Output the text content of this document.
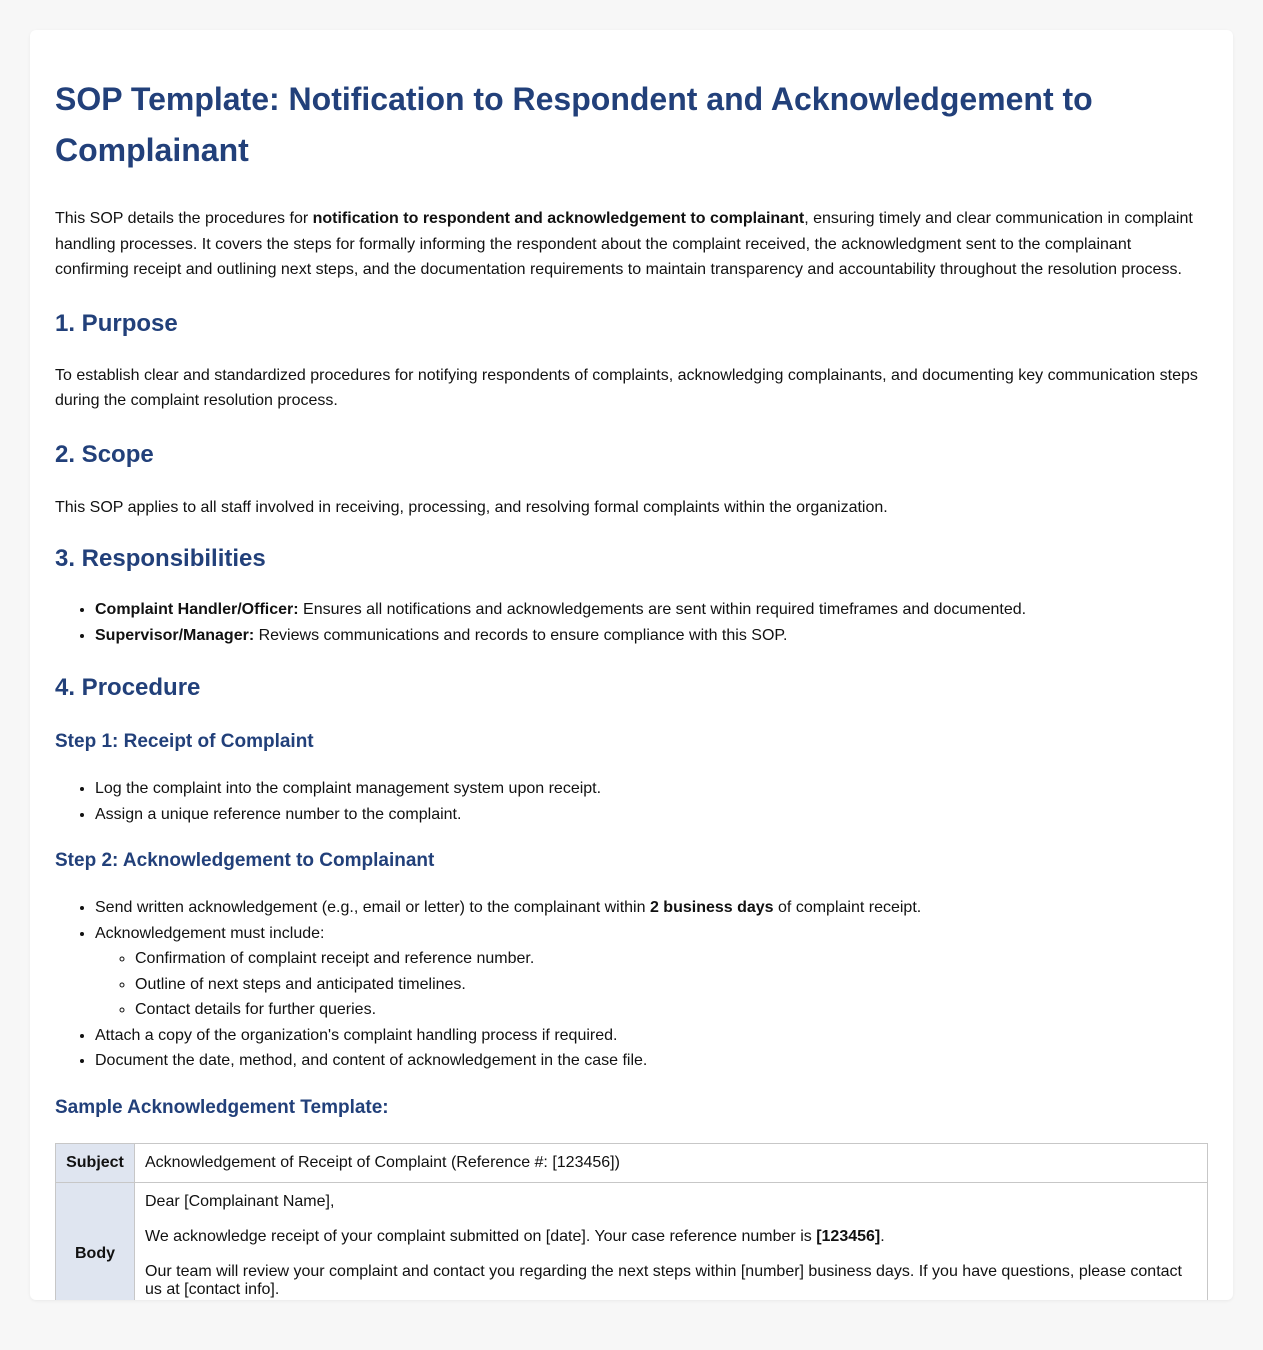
SOP Template: Notification to Respondent and Acknowledgement to Complainant

This SOP details the procedures for notification to respondent and acknowledgement to complainant, ensuring timely and clear communication in complaint handling processes. It covers the steps for formally informing the respondent about the complaint received, the acknowledgment sent to the complainant confirming receipt and outlining next steps, and the documentation requirements to maintain transparency and accountability throughout the resolution process.

1. Purpose

To establish clear and standardized procedures for notifying respondents of complaints, acknowledging complainants, and documenting key communication steps during the complaint resolution process.

2. Scope

This SOP applies to all staff involved in receiving, processing, and resolving formal complaints within the organization.

3. Responsibilities
• Complaint Handler/Officer: Ensures all notifications and acknowledgements are sent within required timeframes and documented.
• Supervisor/Manager: Reviews communications and records to ensure compliance with this SOP.
4. Procedure
Step 1: Receipt of Complaint
• Log the complaint into the complaint management system upon receipt.
• Assign a unique reference number to the complaint.
Step 2: Acknowledgement to Complainant
• Send written acknowledgement (e.g., email or letter) to the complainant within 2 business days of complaint receipt.
• Acknowledgement must include:
◦ Confirmation of complaint receipt and reference number.
◦ Outline of next steps and anticipated timelines.
◦ Contact details for further queries.
• Attach a copy of the organization's complaint handling process if required.
• Document the date, method, and content of acknowledgement in the case file.
Sample Acknowledgement Template:
Subject	Acknowledgement of Receipt of Complaint (Reference #: [123456])
Body	Dear [Complainant Name],

We acknowledge receipt of your complaint submitted on [date]. Your case reference number is [123456].

Our team will review your complaint and contact you regarding the next steps within [number] business days. If you have questions, please contact us at [contact info].
